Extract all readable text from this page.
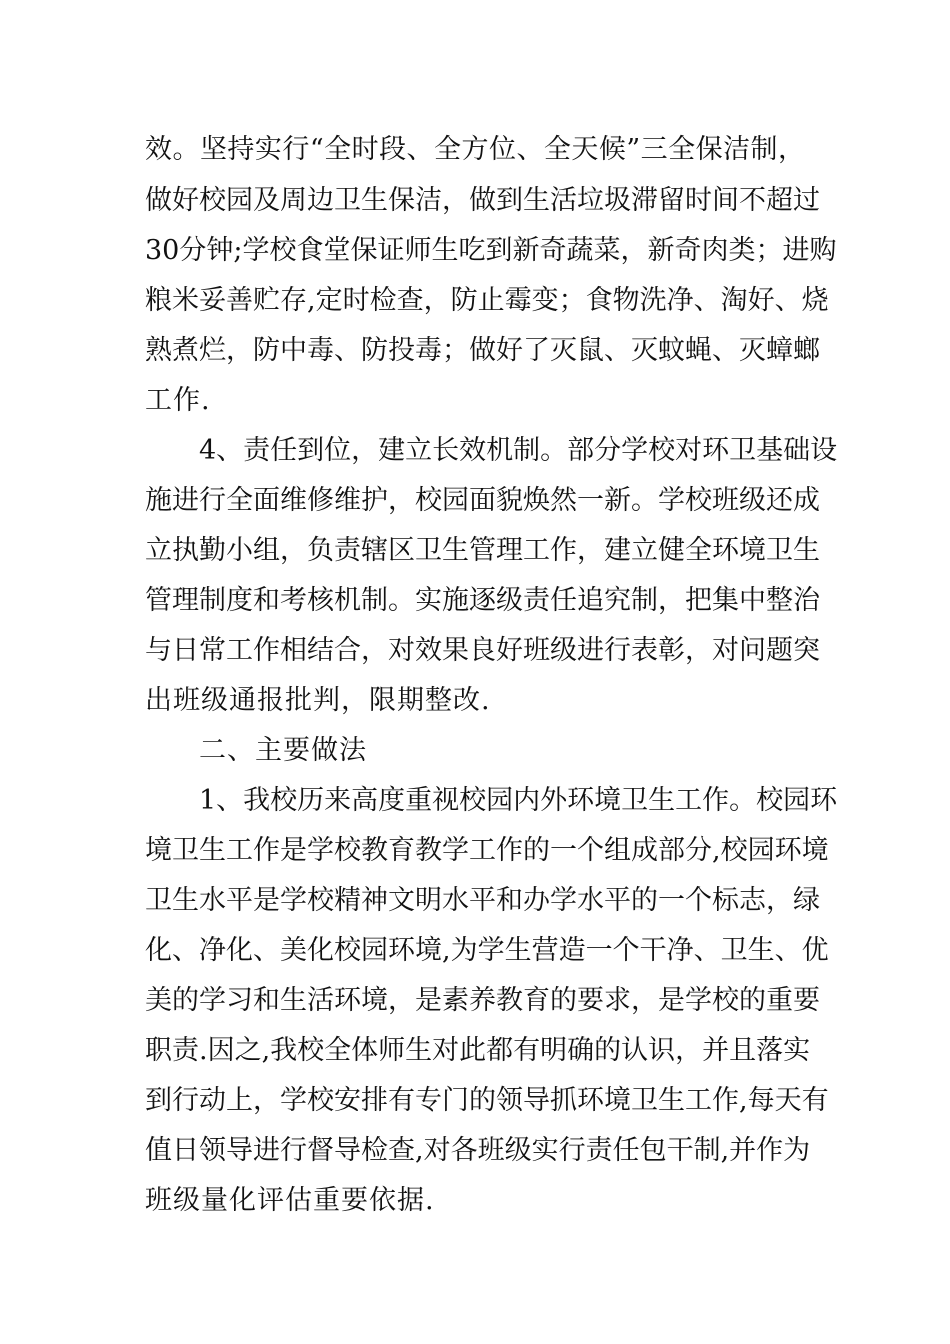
效。坚持实行“全时段、全方位、全天候”三全保洁制，
做好校园及周边卫生保洁，做到生活垃圾滞留时间不超过
30分钟;学校食堂保证师生吃到新奇蔬菜，新奇肉类；进购
粮米妥善贮存,定时检查，防止霉变；食物洗净、淘好、烧
熟煮烂，防中毒、防投毒；做好了灭鼠、灭蚊蝇、灭蟑螂
工作.
4、责任到位，建立长效机制。部分学校对环卫基础设
施进行全面维修维护，校园面貌焕然一新。学校班级还成
立执勤小组，负责辖区卫生管理工作，建立健全环境卫生
管理制度和考核机制。实施逐级责任追究制，把集中整治
与日常工作相结合，对效果良好班级进行表彰，对问题突
出班级通报批判，限期整改.
二、主要做法
1、我校历来高度重视校园内外环境卫生工作。校园环
境卫生工作是学校教育教学工作的一个组成部分,校园环境
卫生水平是学校精神文明水平和办学水平的一个标志，绿
化、净化、美化校园环境,为学生营造一个干净、卫生、优
美的学习和生活环境，是素养教育的要求，是学校的重要
职责.因之,我校全体师生对此都有明确的认识，并且落实
到行动上，学校安排有专门的领导抓环境卫生工作,每天有
值日领导进行督导检查,对各班级实行责任包干制,并作为
班级量化评估重要依据.
